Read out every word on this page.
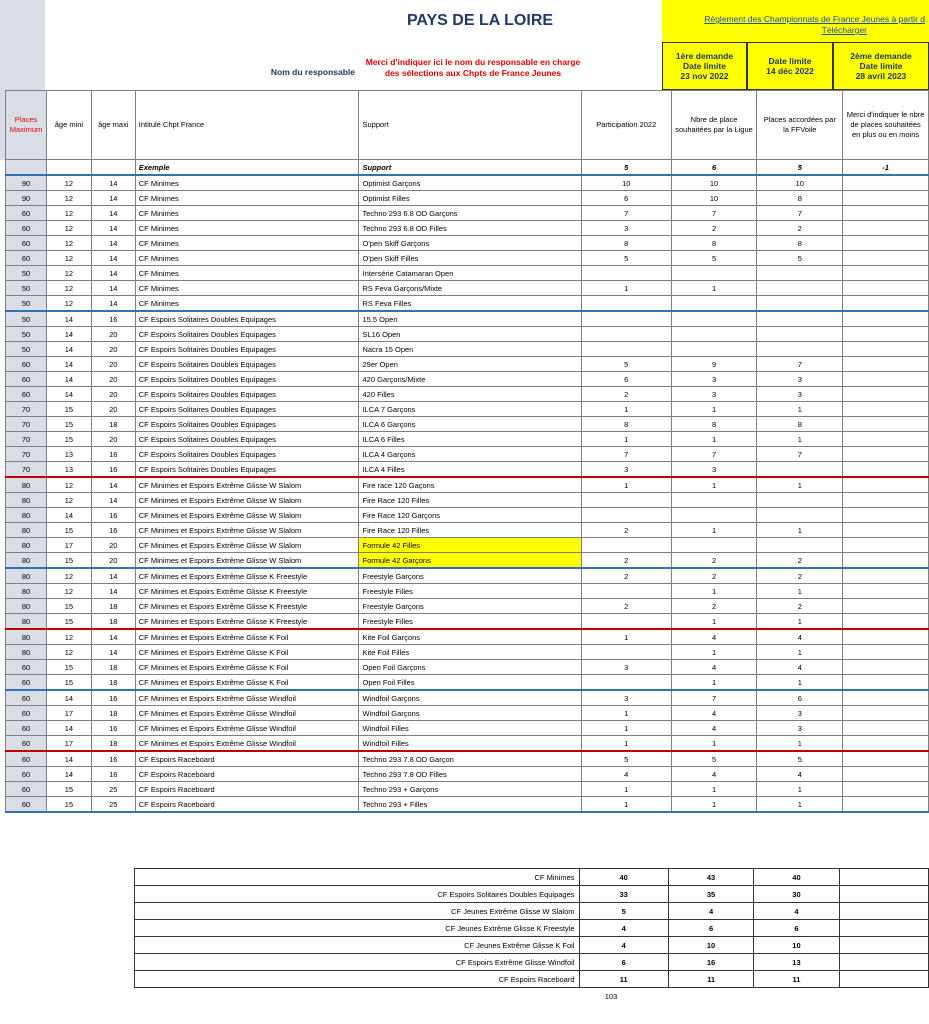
PAYS DE LA LOIRE	Règlement des Championnats de France Jeunes à partir d
Télécharger
Nom du responsable
Merci d'indiquer ici le nom du responsable en charge
des sélections aux Chpts de France Jeunes
1ère demande
Date limite
23 nov 2022
Date limite
14 déc 2022
2ème demande
Date limite
28 avril 2023
Places Maximum	âge mini	âge maxi	Intitulé Chpt France	Support	Participation 2022	Nbre de place souhaitées par la Ligue	Places accordées par la FFVoile	Merci d'indiquer le nbre de places souhaitées en plus ou en moins
			Exemple	Support	5	6	5	-1
90	12	14	CF Minimes	Optimist Garçons	10	10	10	
90	12	14	CF Minimes	Optimist Filles	6	10	8	
60	12	14	CF Minimes	Techno 293 6.8 OD Garçons	7	7	7	
60	12	14	CF Minimes	Techno 293 6.8 OD Filles	3	2	2	
60	12	14	CF Minimes	O'pen Skiff Garçons	8	8	8	
60	12	14	CF Minimes	O'pen Skiff Filles	5	5	5	
50	12	14	CF Minimes	Intersérie Catamaran Open				
50	12	14	CF Minimes	RS Feva Garçons/Mixte	1	1		
50	12	14	CF Minimes	RS Feva Filles				
50	14	16	CF Espoirs Solitaires Doubles Equipages	15.5 Open				
50	14	20	CF Espoirs Solitaires Doubles Equipages	SL16 Open				
50	14	20	CF Espoirs Solitaires Doubles Equipages	Nacra 15 Open				
60	14	20	CF Espoirs Solitaires Doubles Equipages	29er Open	5	9	7	
60	14	20	CF Espoirs Solitaires Doubles Equipages	420 Garçons/Mixte	6	3	3	
60	14	20	CF Espoirs Solitaires Doubles Equipages	420 Filles	2	3	3	
70	15	20	CF Espoirs Solitaires Doubles Equipages	ILCA 7 Garçons	1	1	1	
70	15	18	CF Espoirs Solitaires Doubles Equipages	ILCA 6 Garçons	8	8	8	
70	15	20	CF Espoirs Solitaires Doubles Equipages	ILCA 6 Filles	1	1	1	
70	13	16	CF Espoirs Solitaires Doubles Equipages	ILCA 4 Garçons	7	7	7	
70	13	16	CF Espoirs Solitaires Doubles Equipages	ILCA 4 Filles	3	3		
80	12	14	CF Minimes et Espoirs Extrême Glisse W Slalom	Fire race 120 Gaçons	1	1	1	
80	12	14	CF Minimes et Espoirs Extrême Glisse W Slalom	Fire Race 120 Filles				
80	14	16	CF Minimes et Espoirs Extrême Glisse W Slalom	Fire Race 120 Garçons				
80	15	16	CF Minimes et Espoirs Extrême Glisse W Slalom	Fire Race 120 Filles	2	1	1	
80	17	20	CF Minimes et Espoirs Extrême Glisse W Slalom	Formule 42 Filles				
80	15	20	CF Minimes et Espoirs Extrême Glisse W Slalom	Formule 42 Garçons	2	2	2	
80	12	14	CF Minimes et Espoirs Extrême Glisse K Freestyle	Freestyle Garçons	2	2	2	
80	12	14	CF Minimes et Espoirs Extrême Glisse K Freestyle	Freestyle Filles		1	1	
80	15	18	CF Minimes et Espoirs Extrême Glisse K Freestyle	Freestyle Garçons	2	2	2	
80	15	18	CF Minimes et Espoirs Extrême Glisse K Freestyle	Freestyle Filles		1	1	
80	12	14	CF Minimes et Espoirs Extrême Glisse K Foil	Kite Foil Garçons	1	4	4	
80	12	14	CF Minimes et Espoirs Extrême Glisse K Foil	Kite Foil Filles		1	1	
60	15	18	CF Minimes et Espoirs Extrême Glisse K Foil	Open Foil Garçons	3	4	4	
60	15	18	CF Minimes et Espoirs Extrême Glisse K Foil	Open Foil Filles		1	1	
60	14	16	CF Minimes et Espoirs Extrême Glisse Windfoil	Windfoil Garçons	3	7	6	
60	17	18	CF Minimes et Espoirs Extrême Glisse Windfoil	Windfoil Garçons	1	4	3	
60	14	16	CF Minimes et Espoirs Extrême Glisse Windfoil	Windfoil Filles	1	4	3	
60	17	18	CF Minimes et Espoirs Extrême Glisse Windfoil	Windfoil Filles	1	1	1	
60	14	16	CF Espoirs Raceboard	Techno 293 7.8 OD Garçon	5	5	5	
60	14	16	CF Espoirs Raceboard	Techno 293 7.8 OD Filles	4	4	4	
60	15	25	CF Espoirs Raceboard	Techno 293 + Garçons	1	1	1	
60	15	25	CF Espoirs Raceboard	Techno 293 + Filles	1	1	1	
CF Minimes	40	43	40	
CF Espoirs Solitaires Doubles Equipages	33	35	30	
CF Jeunes Extrême Glisse W Slalom	5	4	4	
CF Jeunes Extrême Glisse K Freestyle	4	6	6	
CF Jeunes Extrême Glisse K Foil	4	10	10	
CF Espoirs Extrême Glisse Windfoil	6	16	13	
CF Espoirs Raceboard	11	11	11	
103
